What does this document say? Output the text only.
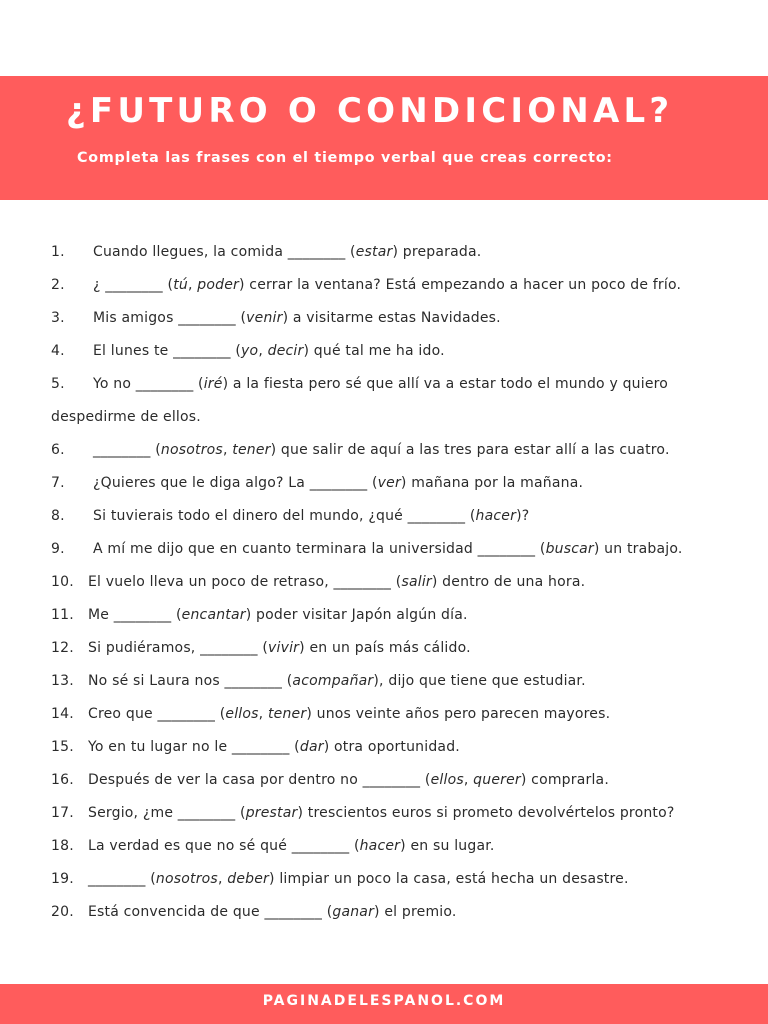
¿FUTURO O CONDICIONAL?

Completa las frases con el tiempo verbal que creas correcto:

1. Cuando llegues, la comida ________ (estar) preparada.
2. ¿ ________ (tú, poder) cerrar la ventana? Está empezando a hacer un poco de frío.
3. Mis amigos ________ (venir) a visitarme estas Navidades.
4. El lunes te ________ (yo, decir) qué tal me ha ido.
5. Yo no ________ (iré) a la fiesta pero sé que allí va a estar todo el mundo y quiero
despedirme de ellos.
6. ________ (nosotros, tener) que salir de aquí a las tres para estar allí a las cuatro.
7. ¿Quieres que le diga algo? La ________ (ver) mañana por la mañana.
8. Si tuvierais todo el dinero del mundo, ¿qué ________ (hacer)?
9. A mí me dijo que en cuanto terminara la universidad ________ (buscar) un trabajo.
10. El vuelo lleva un poco de retraso, ________ (salir) dentro de una hora.
11. Me ________ (encantar) poder visitar Japón algún día.
12. Si pudiéramos, ________ (vivir) en un país más cálido.
13. No sé si Laura nos ________ (acompañar), dijo que tiene que estudiar.
14. Creo que ________ (ellos, tener) unos veinte años pero parecen mayores.
15. Yo en tu lugar no le ________ (dar) otra oportunidad.
16. Después de ver la casa por dentro no ________ (ellos, querer) comprarla.
17. Sergio, ¿me ________ (prestar) trescientos euros si prometo devolvértelos pronto?
18. La verdad es que no sé qué ________ (hacer) en su lugar.
19. ________ (nosotros, deber) limpiar un poco la casa, está hecha un desastre.
20. Está convencida de que ________ (ganar) el premio.
PAGINADELESPANOL.COM
